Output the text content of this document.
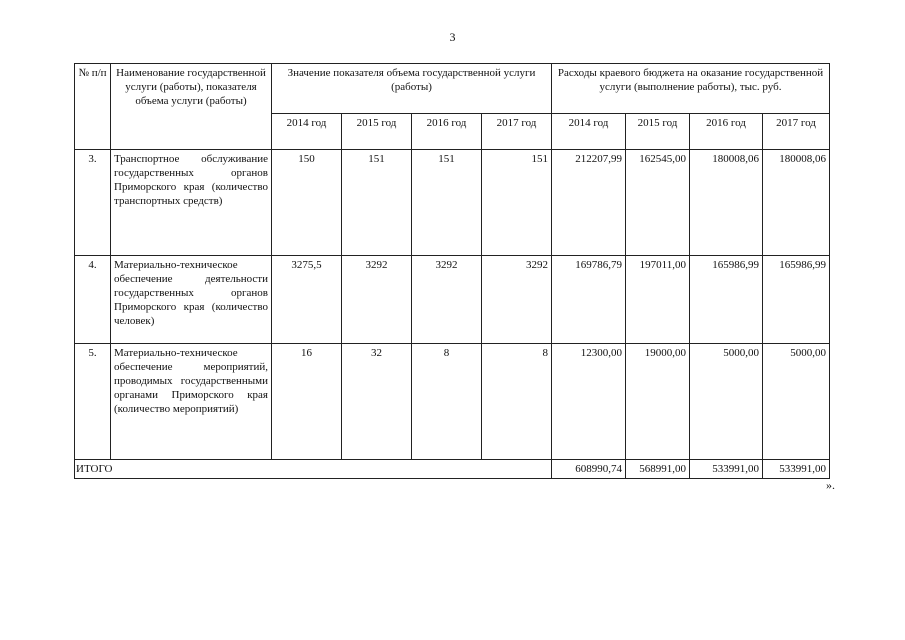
3
№ п/п	Наименование государственной услуги (работы), показателя объема услуги (работы)	Значение показателя объема государственной услуги (работы)				Расходы краевого бюджета на оказание государственной услуги (выполнение работы), тыс. руб.			
		2014 год	2015 год	2016 год	2017 год	2014 год	2015 год	2016 год	2017 год
3.	Транспортное обслуживание государственных органов Приморского края (количество транспортных средств)	150	151	151	151	212207,99	162545,00	180008,06	180008,06
4.	Материально-техническое обеспечение деятельности государственных органов Приморского края (количество человек)	3275,5	3292	3292	3292	169786,79	197011,00	165986,99	165986,99
5.	Материально-техническое обеспечение мероприятий, проводимых государственными органами Приморского края (количество мероприятий)	16	32	8	8	12300,00	19000,00	5000,00	5000,00
ИТОГО						608990,74	568991,00	533991,00	533991,00
».
